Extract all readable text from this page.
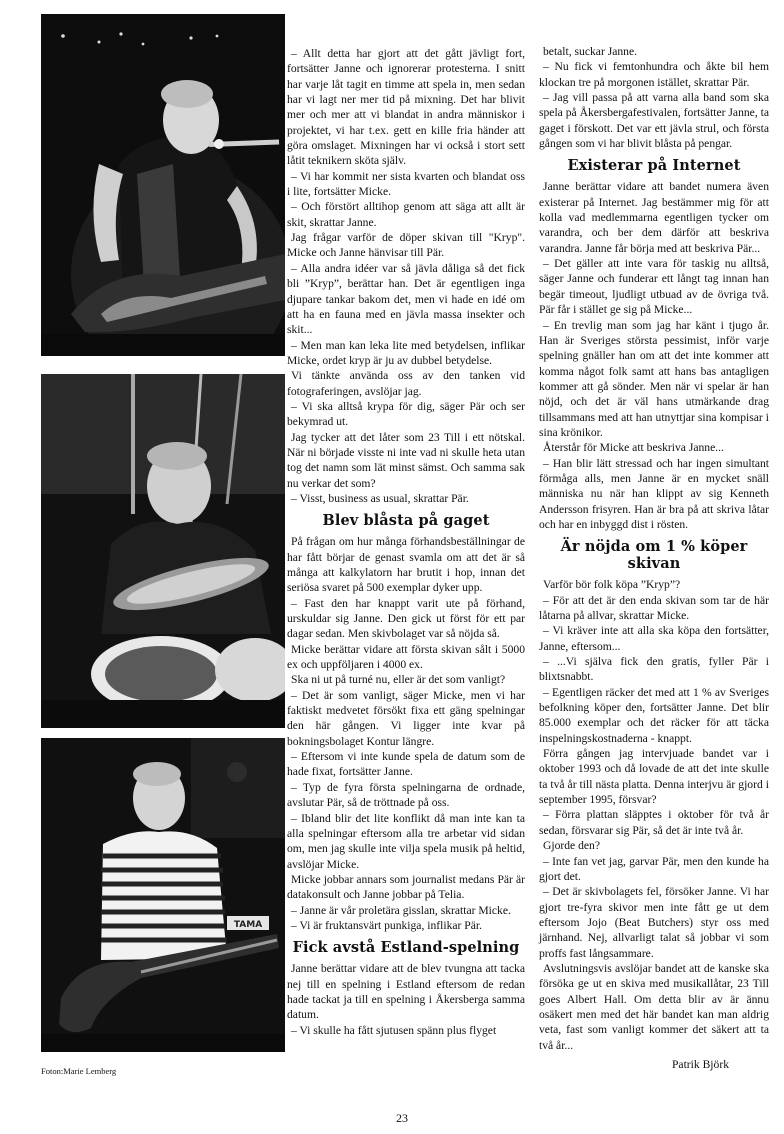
TAMA
Foton:Marie Lemberg

– Allt detta har gjort att det gått jävligt fort, fortsätter Janne och ignorerar protesterna. I snitt har varje låt tagit en timme att spela in, men sedan har vi lagt ner mer tid på mixning. Det har blivit mer och mer att vi blandat in andra människor i projektet, vi har t.ex. gett en kille fria händer att göra omslaget. Mixningen har vi också i stort sett låtit teknikern sköta själv.

– Vi har kommit ner sista kvarten och blandat oss i lite, fortsätter Micke.

– Och förstört alltihop genom att säga att allt är skit, skrattar Janne.

Jag frågar varför de döper skivan till "Kryp". Micke och Janne hänvisar till Pär.

– Alla andra idéer var så jävla dåliga så det fick bli ”Kryp”, berättar han. Det är egentligen inga djupare tankar bakom det, men vi hade en idé om att ha en fauna med en jävla massa insekter och skit...

– Men man kan leka lite med betydelsen, inflikar Micke, ordet kryp är ju av dubbel betydelse.

Vi tänkte använda oss av den tanken vid fotograferingen, avslöjar jag.

– Vi ska alltså krypa för dig, säger Pär och ser bekymrad ut.

Jag tycker att det låter som 23 Till i ett nötskal. När ni började visste ni inte vad ni skulle heta utan tog det namn som lät minst sämst. Och samma sak nu verkar det som?

– Visst, business as usual, skrattar Pär.

Blev blåsta på gaget

På frågan om hur många förhandsbeställningar de har fått börjar de genast svamla om att det är så många att kalkylatorn har brutit i hop, innan det seriösa svaret på 500 exemplar dyker upp.

– Fast den har knappt varit ute på förhand, urskuldar sig Janne. Den gick ut först för ett par dagar sedan. Men skivbolaget var så nöjda så.

Micke berättar vidare att första skivan sålt i 5000 ex och uppföljaren i 4000 ex.

Ska ni ut på turné nu, eller är det som vanligt?

– Det är som vanligt, säger Micke, men vi har faktiskt medvetet försökt fixa ett gäng spelningar den här gången. Vi ligger inte kvar på bokningsbolaget Kontur längre.

– Eftersom vi inte kunde spela de datum som de hade fixat, fortsätter Janne.

– Typ de fyra första spelningarna de ordnade, avslutar Pär, så de tröttnade på oss.

– Ibland blir det lite konflikt då man inte kan ta alla spelningar eftersom alla tre arbetar vid sidan om, men jag skulle inte vilja spela musik på heltid, avslöjar Micke.

Micke jobbar annars som journalist medans Pär är datakonsult och Janne jobbar på Telia.

– Janne är vår proletära gisslan, skrattar Micke.

– Vi är fruktansvärt punkiga, inflikar Pär.

Fick avstå Estland-spelning

Janne berättar vidare att de blev tvungna att tacka nej till en spelning i Estland eftersom de redan hade tackat ja till en spelning i Åkersberga samma datum.

– Vi skulle ha fått sjutusen spänn plus flyget

betalt, suckar Janne.

– Nu fick vi femtonhundra och åkte bil hem klockan tre på morgonen istället, skrattar Pär.

– Jag vill passa på att varna alla band som ska spela på Åkersbergafestivalen, fortsätter Janne, ta gaget i förskott. Det var ett jävla strul, och första gången som vi har blivit blåsta på pengar.

Existerar på Internet

Janne berättar vidare att bandet numera även existerar på Internet. Jag bestämmer mig för att kolla vad medlemmarna egentligen tycker om varandra, och ber dem därför att beskriva varandra. Janne får börja med att beskriva Pär...

– Det gäller att inte vara för taskig nu alltså, säger Janne och funderar ett långt tag innan han begär timeout, ljudligt utbuad av de övriga två. Pär får i stället ge sig på Micke...

– En trevlig man som jag har känt i tjugo år. Han är Sveriges största pessimist, inför varje spelning gnäller han om att det inte kommer att komma något folk samt att hans bas antagligen kommer att gå sönder. Men när vi spelar är han nöjd, och det är väl hans utmärkande drag tillsammans med att han utnyttjar sina kompisar i sina krönikor.

Återstår för Micke att beskriva Janne...

– Han blir lätt stressad och har ingen simultant förmåga alls, men Janne är en mycket snäll människa nu när han klippt av sig Kenneth Andersson frisyren. Han är bra på att skriva låtar och har en inbyggd dist i rösten.

Är nöjda om 1 % köper skivan

Varför bör folk köpa ”Kryp”?

– För att det är den enda skivan som tar de här låtarna på allvar, skrattar Micke.

– Vi kräver inte att alla ska köpa den fortsätter, Janne, eftersom...

– ...Vi själva fick den gratis, fyller Pär i blixtsnabbt.

– Egentligen räcker det med att 1 % av Sveriges befolkning köper den, fortsätter Janne. Det blir 85.000 exemplar och det räcker för att täcka inspelningskostnaderna - knappt.

Förra gången jag intervjuade bandet var i oktober 1993 och då lovade de att det inte skulle ta två år till nästa platta. Denna interjvu är gjord i september 1995, försvar?

– Förra plattan släpptes i oktober för två år sedan, försvarar sig Pär, så det är inte två år.

Gjorde den?

– Inte fan vet jag, garvar Pär, men den kunde ha gjort det.

– Det är skivbolagets fel, försöker Janne. Vi har gjort tre-fyra skivor men inte fått ge ut dem eftersom Jojo (Beat Butchers) styr oss med järnhand. Nej, allvarligt talat så jobbar vi som proffs fast långsammare.

Avslutningsvis avslöjar bandet att de kanske ska försöka ge ut en skiva med musikallåtar, 23 Till goes Albert Hall. Om detta blir av är ännu osäkert men med det här bandet kan man aldrig veta, fast som vanligt kommer det säkert att ta två år...

Patrik Björk

23
